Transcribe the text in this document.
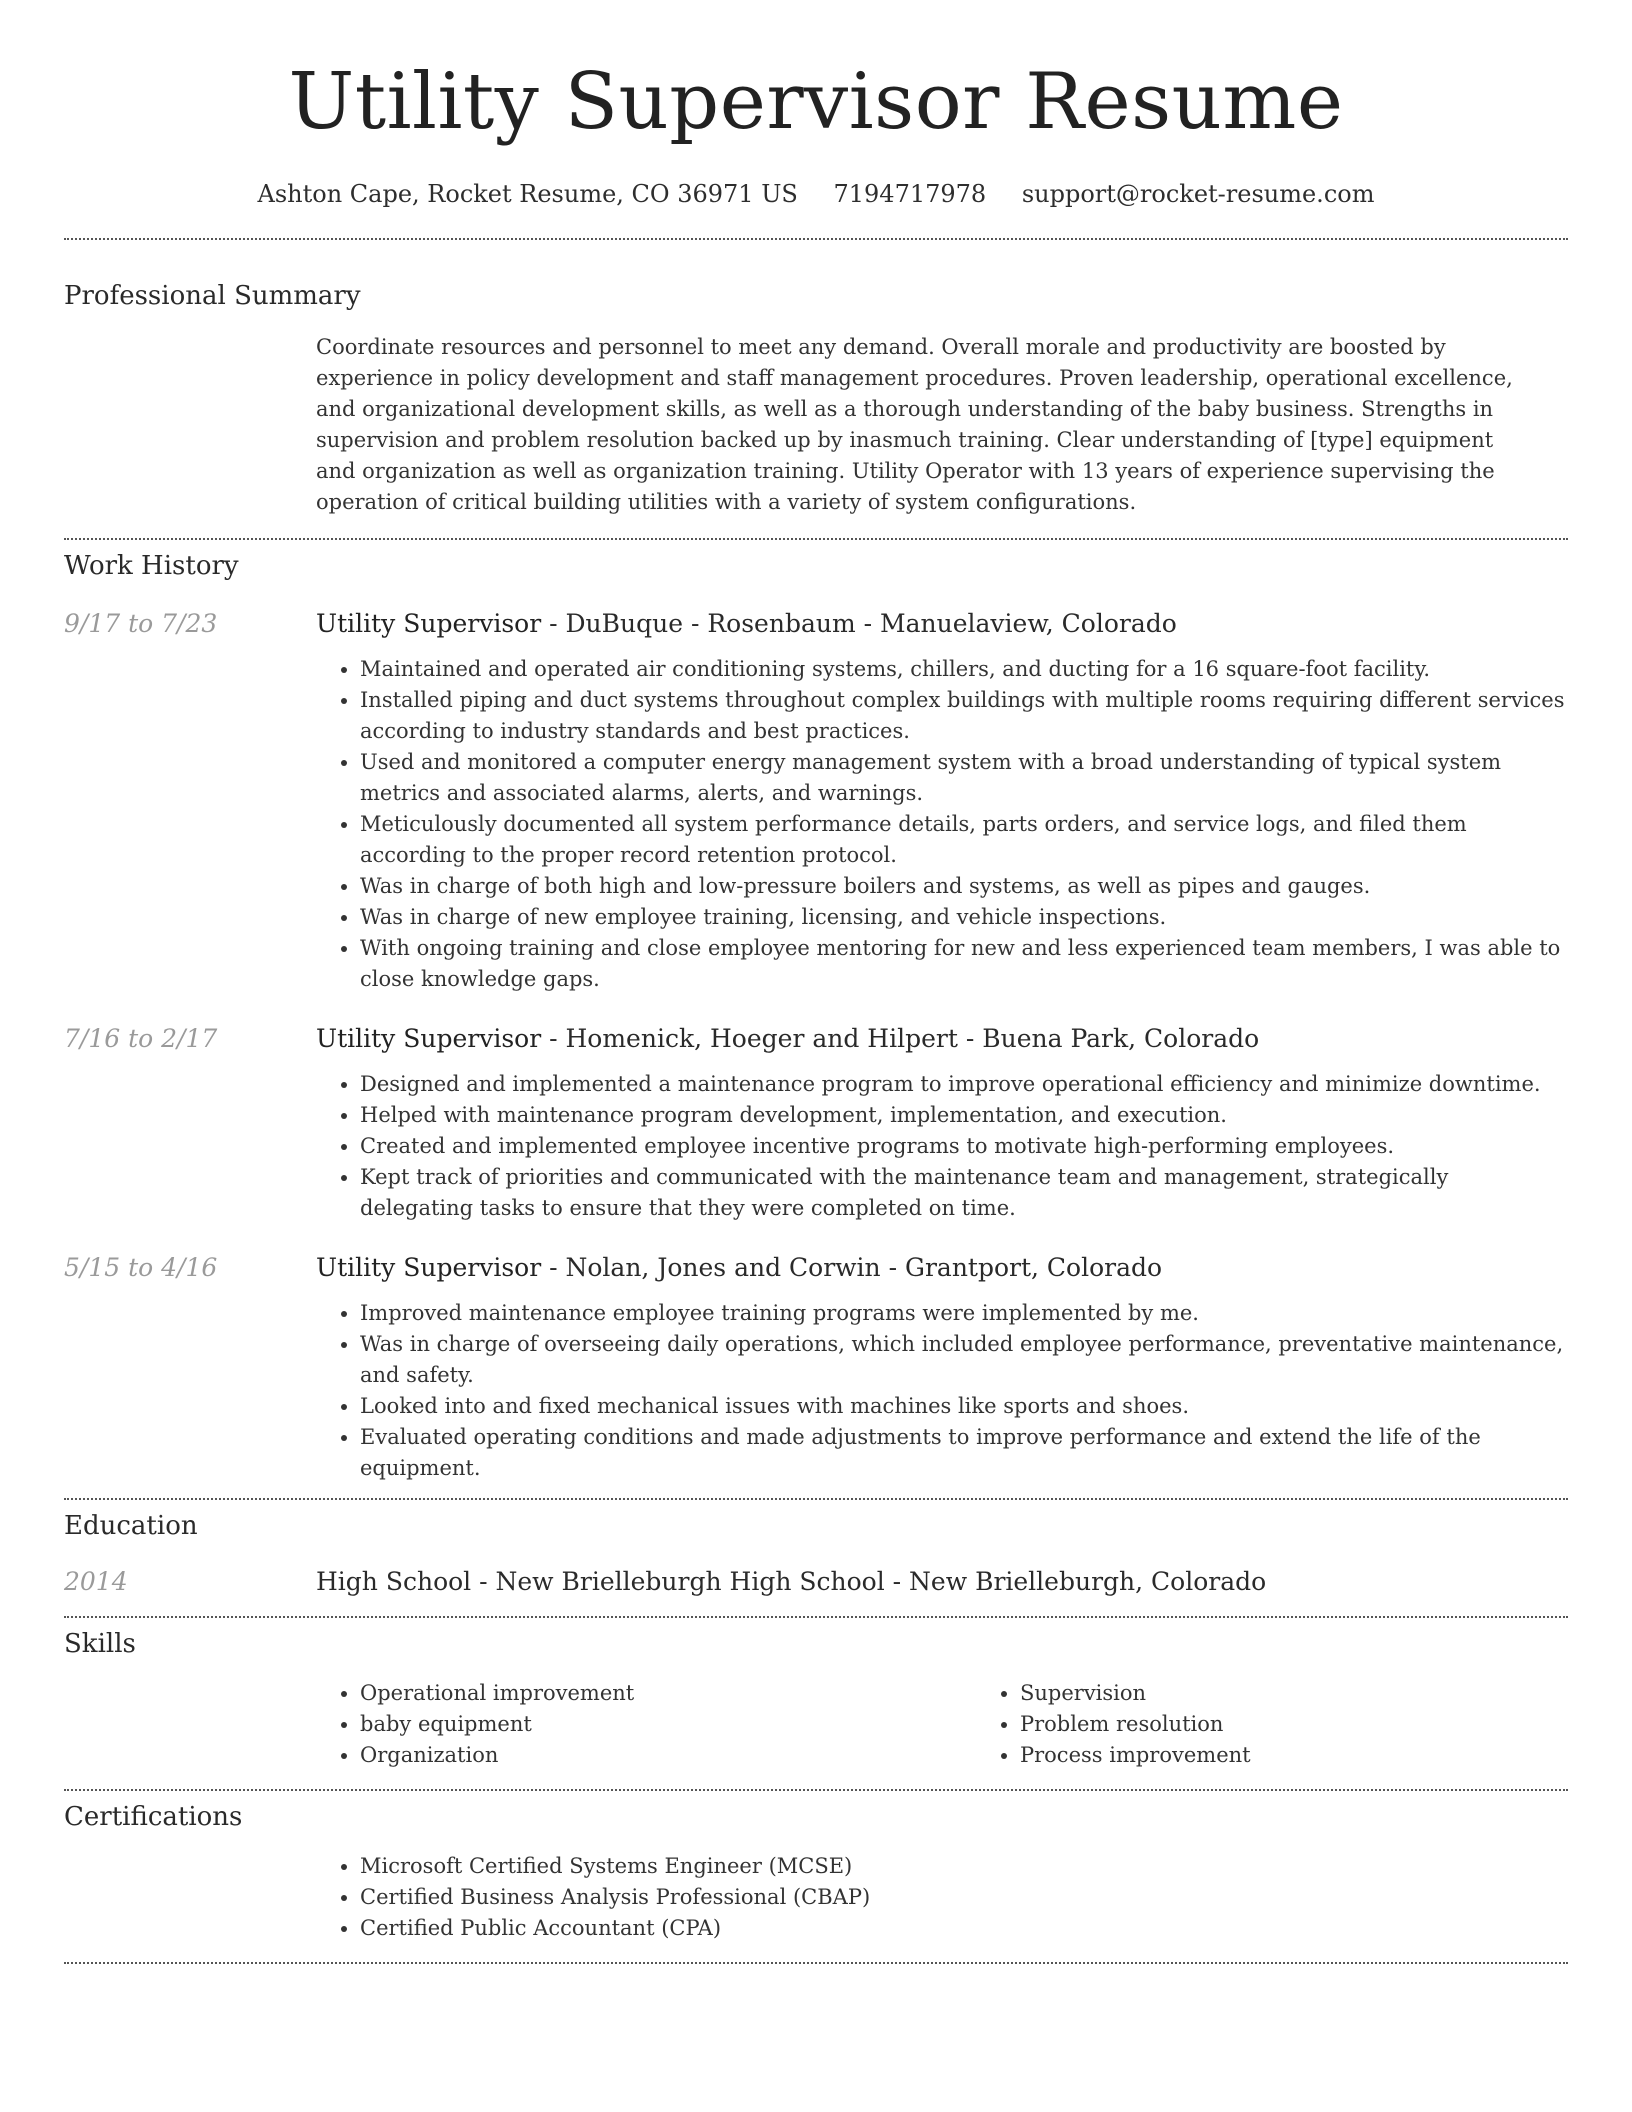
Utility Supervisor Resume
Ashton Cape, Rocket Resume, CO 36971 US 7194717978 support@rocket-resume.com
Professional Summary
Coordinate resources and personnel to meet any demand. Overall morale and productivity are boosted by experience in policy development and staff management procedures. Proven leadership, operational excellence, and organizational development skills, as well as a thorough understanding of the baby business. Strengths in supervision and problem resolution backed up by inasmuch training. Clear understanding of [type] equipment and organization as well as organization training. Utility Operator with 13 years of experience supervising the operation of critical building utilities with a variety of system configurations.
Work History
9/17 to 7/23	Utility Supervisor - DuBuque - Rosenbaum - Manuelaview, Colorado
• Maintained and operated air conditioning systems, chillers, and ducting for a 16 square-foot facility.
• Installed piping and duct systems throughout complex buildings with multiple rooms requiring different services according to industry standards and best practices.
• Used and monitored a computer energy management system with a broad understanding of typical system metrics and associated alarms, alerts, and warnings.
• Meticulously documented all system performance details, parts orders, and service logs, and filed them according to the proper record retention protocol.
• Was in charge of both high and low-pressure boilers and systems, as well as pipes and gauges.
• Was in charge of new employee training, licensing, and vehicle inspections.
• With ongoing training and close employee mentoring for new and less experienced team members, I was able to close knowledge gaps.
7/16 to 2/17	Utility Supervisor - Homenick, Hoeger and Hilpert - Buena Park, Colorado
• Designed and implemented a maintenance program to improve operational efficiency and minimize downtime.
• Helped with maintenance program development, implementation, and execution.
• Created and implemented employee incentive programs to motivate high-performing employees.
• Kept track of priorities and communicated with the maintenance team and management, strategically delegating tasks to ensure that they were completed on time.
5/15 to 4/16	Utility Supervisor - Nolan, Jones and Corwin - Grantport, Colorado
• Improved maintenance employee training programs were implemented by me.
• Was in charge of overseeing daily operations, which included employee performance, preventative maintenance, and safety.
• Looked into and fixed mechanical issues with machines like sports and shoes.
• Evaluated operating conditions and made adjustments to improve performance and extend the life of the equipment.
Education
2014	High School - New Brielleburgh High School - New Brielleburgh, Colorado
Skills
• Operational improvement
• baby equipment
• Organization
• Supervision
• Problem resolution
• Process improvement
Certifications
• Microsoft Certified Systems Engineer (MCSE)
• Certified Business Analysis Professional (CBAP)
• Certified Public Accountant (CPA)
